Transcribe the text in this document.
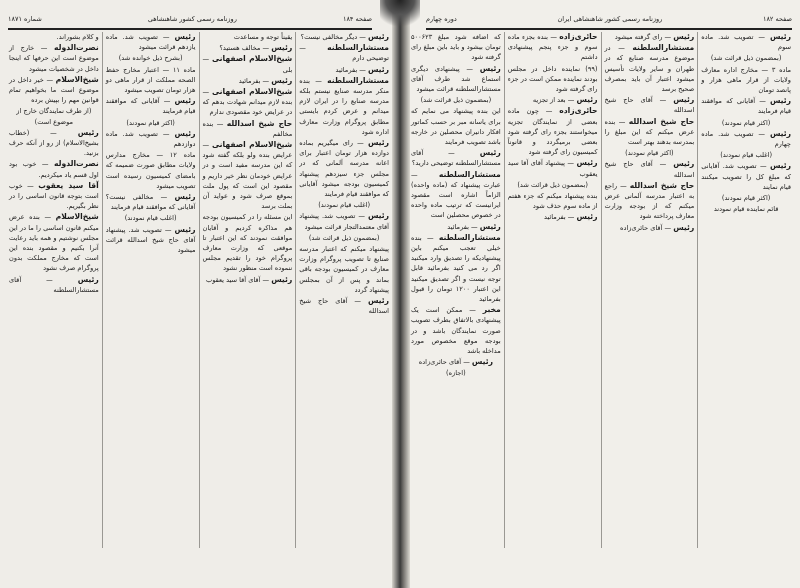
صفحه ۱۸۴
روزنامه رسمی کشور شاهنشاهی
شماره ۱۸۷۱

رئیس — دیگر مخالفی نیست؟

مستشارالسلطنه — توضیحی دارم

رئیس — بفرمائید

مستشارالسلطنه — بنده منکر مدرسه صنایع نیستم بلکه مدرسه صنایع را در ایران لازم میدانم و عرض کردم بایستی مطابق پروگرام وزارت معارف اداره شود

رئیس — رای میگیریم بماده دوازده هزار تومان اعتبار برای اعانه مدرسه آلمانی که در مجلس جزء سیزدهم پیشنهاد کمیسیون بودجه میشود آقایانی که موافقند قیام فرمایند

(اغلب قیام نمودند)

رئیس — تصویب شد. پیشنهاد آقای معتمدالتجار قرائت میشود

(بمضمون ذیل قرائت شد)

پیشنهاد میکنم که اعتبار مدرسه صنایع تا تصویب پروگرام وزارت معارف در کمیسیون بودجه باقی بماند و پس از آن بمجلس پیشنهاد گردد

رئیس — آقای حاج شیخ اسدالله

یقیناً توجه و مساعدت

رئیس — مخالف هستید؟

شیخ‌الاسلام اصفهانی — بلی

رئیس — بفرمائید

شیخ‌الاسلام اصفهانی — بنده لازم میدانم شهادت بدهم که در عرایض خود مقصودی ندارم

حاج شیخ اسدالله — بنده مخالفم

شیخ‌الاسلام اصفهانی — عرایض بنده ولو بلکه گفته شود که این مدرسه مفید است و در عرایض خودمان نظر خیر داریم و مقصود این است که پول ملت بموقع صرف شود و عواید آن بملت برسد

این مسئله را در کمیسیون بودجه هم مذاکره کردیم و آقایان موافقت نمودند که این اعتبار تا موقعی که وزارت معارف پروگرام خود را تقدیم مجلس ننموده است منظور نشود

رئیس — آقای آقا سید یعقوب

رئیس — تصویب شد. ماده یازدهم قرائت میشود

(بشرح ذیل خوانده شد)

ماده ۱۱ — اعتبار مخارج حفظ الصحه مملکت از قرار ماهی دو هزار تومان تصویب میشود

رئیس — آقایانی که موافقند قیام فرمایند

(اکثر قیام نمودند)

رئیس — تصویب شد. ماده دوازدهم

ماده ۱۲ — مخارج مدارس ولایات مطابق صورت ضمیمه که بامضای کمیسیون رسیده است تصویب میشود

رئیس — مخالفی نیست؟ آقایانی که موافقند قیام فرمایند

(اغلب قیام نمودند)

رئیس — تصویب شد. پیشنهاد آقای حاج شیخ اسدالله قرائت میشود

و کلام بشوراند.

نصرت‌الدوله — خارج از موضوع است این حرفها که اینجا داخل در شخصیات میشود

شیخ‌الاسلام — خیر داخل در موضوع است ما بخواهیم تمام قوانین مهم را بپیش برده

(از طرف نمایندگان خارج از موضوع است)

رئیس — (خطاب بشیخ‌الاسلام) از رو از آنکه حرف بزنید.

نصرت‌الدوله — خوب بود اول قسم یاد میکردیم.

آقا سید یعقوب — خوب است بتوجه قانون اساسی را در نظر بگیریم.

شیخ‌الاسلام — بنده عرض میکنم قانون اساسی را ما در این مجلس نوشتیم و همه باید رعایت آنرا بکنیم و مقصود بنده این است که مخارج مملکت بدون پروگرام صرف نشود

رئیس — آقای مستشارالسلطنه

صفحه ۱۸۲
روزنامه رسمی کشور شاهنشاهی ایران
دوره چهارم

رئیس — تصویب شد. ماده سوم

(بمضمون ذیل قرائت شد)

ماده ۳ — مخارج اداره معارف ولایات از قرار ماهی هزار و پانصد تومان

رئیس — آقایانی که موافقند قیام فرمایند

(اکثر قیام نمودند)

رئیس — تصویب شد. ماده چهارم

(اغلب قیام نمودند)

رئیس — تصویب شد. آقایانی که مبلغ کل را تصویب میکنند قیام نمایند

(اکثر قیام نمودند)

قائم نماینده قیام نمودند

رئیس — رای گرفته میشود

مستشارالسلطنه — در موضوع مدرسه صنایع که در طهران و سایر ولایات تأسیس میشود اعتبار آن باید بمصرف صحیح برسد

رئیس — آقای حاج شیخ اسدالله

حاج شیخ اسدالله — بنده عرض میکنم که این مبلغ را بمدرسه بدهند بهتر است

(اکثر قیام نمودند)

رئیس — آقای حاج شیخ اسدالله

حاج شیخ اسدالله — راجع به اعتبار مدرسه آلمانی عرض میکنم که از بودجه وزارت معارف پرداخته شود

رئیس — آقای حائری‌زاده

حائری‌زاده — بنده بجزء ماده سوم و جزء پنجم پیشنهادی داشتم

(۹۹) نماینده داخل در مجلس بودند نماینده ممکن است در جزء رای گرفته شود

رئیس — بعد از تجزیه

حائری‌زاده — چون ماده بعضی از نمایندگان تجزیه میخواستند بجزء رای گرفته شود بعضی برمیگردد و قانوناً کمیسیون رای گرفته شود

رئیس — پیشنهاد آقای آقا سید یعقوب

(بمضمون ذیل قرائت شد)

بنده پیشنهاد میکنم که جزء هفتم از ماده سوم حذف شود

رئیس — بفرمائید

که اضافه شود مبلغ ۵۰۰۶۲۳ تومان بیشود و باید باین مبلغ رای گرفته شود

رئیس — پیشنهادی دیگری استماع شد طرف آقای مستشارالسلطنه قرائت میشود

(بمضمون ذیل قرائت شد)

این بنده پیشنهاد می نمایم که برای یاسانه مبر بر حسب کماتور افکار دانیران محصلین در خارجه باشد تصویب فرمایند

رئیس — آقای مستشارالسلطنه توضیحی دارید؟

مستشارالسلطنه — عبارت پیشنهاد که (ماده واحده) الزاماً اشاره است مقصود ایرانیست که ترتیب ماده واحده در خصوص محصلین است

رئیس — بفرمائید

مستشارالسلطنه — بنده خیلی تعجب میکنم باین پیشنهادیکه را تصدیق وارد میکنید اگر رد می کنید بفرمائید قابل توجه نیست و اگر تصدیق میکنید این اعتبار ۱۲۰۰ تومان را قبول بفرمائید

مخبر — ممکن است یک پیشنهادی بالاتفاق بطرف تصویب صورت نمایندگان باشد و در بودجه موقع مخصوص مورد مداخله باشد

رئیس — آقای حائری‌زاده (اجازه)
